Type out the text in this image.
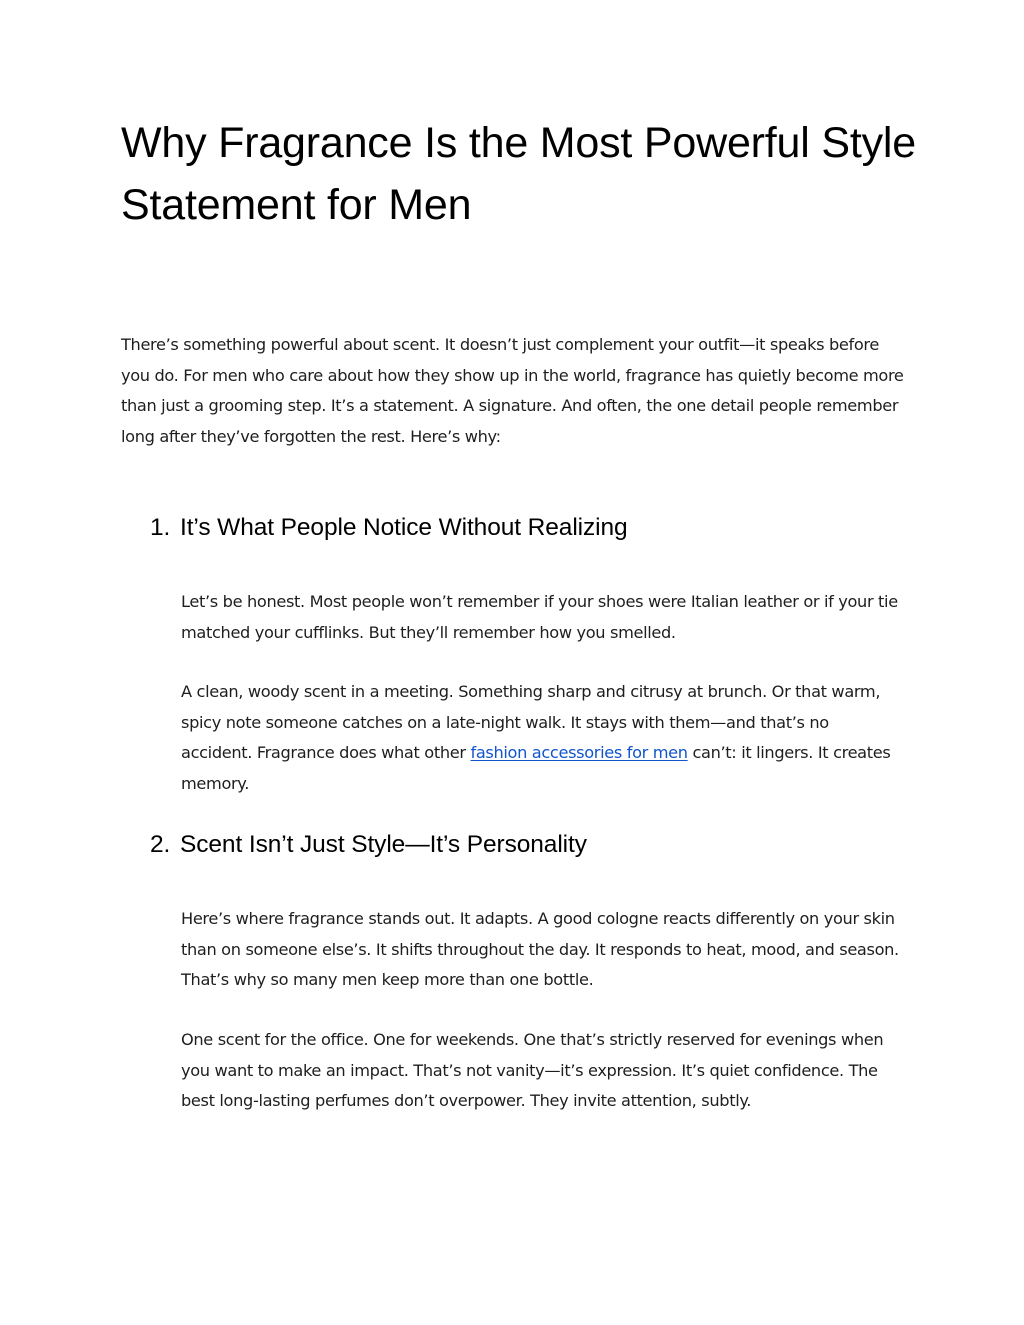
Why Fragrance Is the Most Powerful Style Statement for Men

There’s something powerful about scent. It doesn’t just complement your outfit—it speaks before you do. For men who care about how they show up in the world, fragrance has quietly become more than just a grooming step. It’s a statement. A signature. And often, the one detail people remember long after they’ve forgotten the rest. Here’s why:

1. It’s What People Notice Without Realizing

Let’s be honest. Most people won’t remember if your shoes were Italian leather or if your tie matched your cufflinks. But they’ll remember how you smelled.

A clean, woody scent in a meeting. Something sharp and citrusy at brunch. Or that warm, spicy note someone catches on a late-night walk. It stays with them—and that’s no accident. Fragrance does what other fashion accessories for men can’t: it lingers. It creates memory.

2. Scent Isn’t Just Style—It’s Personality

Here’s where fragrance stands out. It adapts. A good cologne reacts differently on your skin than on someone else’s. It shifts throughout the day. It responds to heat, mood, and season. That’s why so many men keep more than one bottle.

One scent for the office. One for weekends. One that’s strictly reserved for evenings when you want to make an impact. That’s not vanity—it’s expression. It’s quiet confidence. The best long-lasting perfumes don’t overpower. They invite attention, subtly.
